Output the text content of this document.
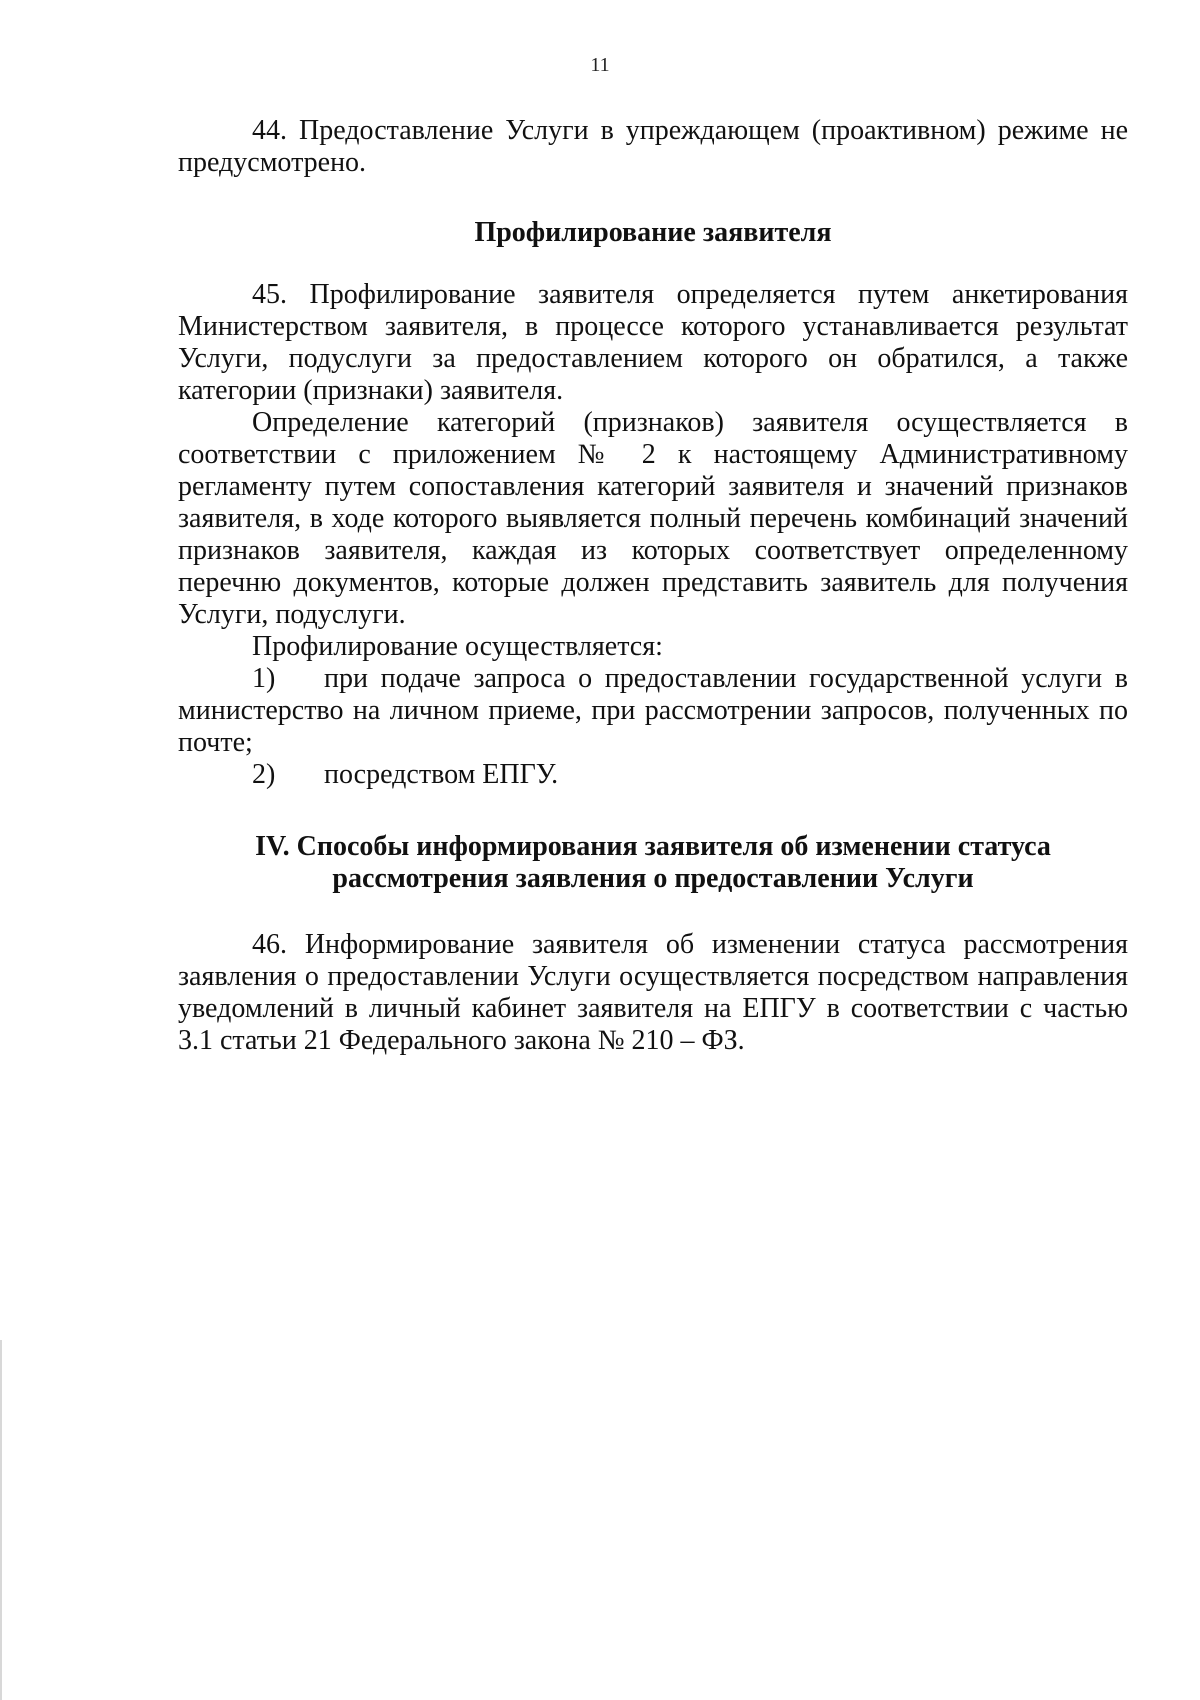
11

44. Предоставление Услуги в упреждающем (проактивном) режиме не предусмотрено.

Профилирование заявителя

45. Профилирование заявителя определяется путем анкетирования Министерством заявителя, в процессе которого устанавливается результат Услуги, подуслуги за предоставлением которого он обратился, а также категории (признаки) заявителя.

Определение категорий (признаков) заявителя осуществляется в соответствии с приложением № 2 к настоящему Административному регламенту путем сопоставления категорий заявителя и значений признаков заявителя, в ходе которого выявляется полный перечень комбинаций значений признаков заявителя, каждая из которых соответствует определенному перечню документов, которые должен представить заявитель для получения Услуги, подуслуги.

Профилирование осуществляется:

1) при подаче запроса о предоставлении государственной услуги в министерство на личном приеме, при рассмотрении запросов, полученных по почте;

2) посредством ЕПГУ.

IV. Способы информирования заявителя об изменении статуса
рассмотрения заявления о предоставлении Услуги

46. Информирование заявителя об изменении статуса рассмотрения заявления о предоставлении Услуги осуществляется посредством направления уведомлений в личный кабинет заявителя на ЕПГУ в соответствии с частью 3.1 статьи 21 Федерального закона № 210 – ФЗ.
